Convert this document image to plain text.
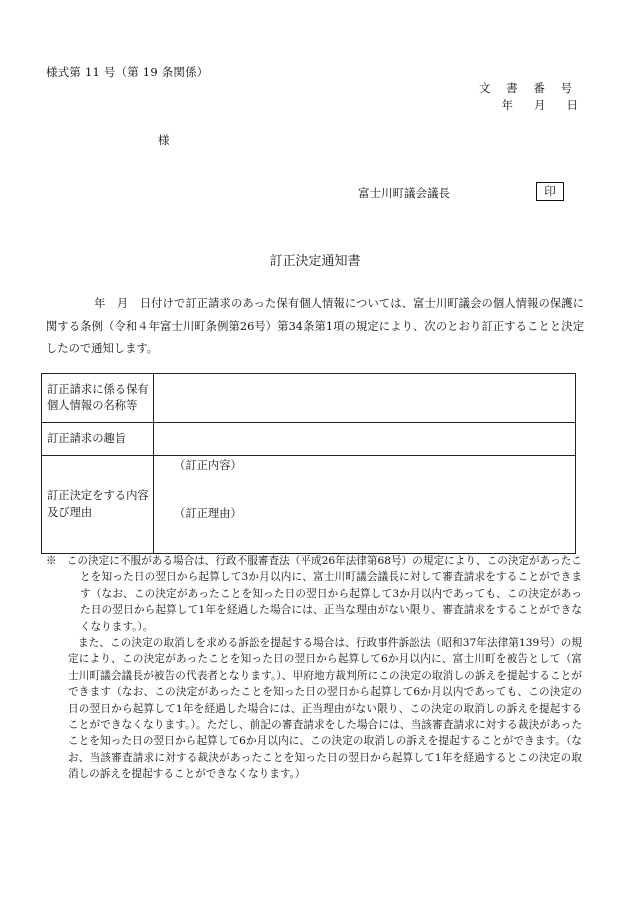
様式第 11 号（第 19 条関係）
文 書 番 号
年 月 日
様
富士川町議会議長	印
訂正決定通知書
年　月　日付けで訂正請求のあった保有個人情報については、富士川町議会の個人情報の保護に関する条例（令和４年富士川町条例第26号）第34条第1項の規定により、次のとおり訂正することと決定したので通知します。
訂正請求に係る保有個人情報の名称等	
訂正請求の趣旨	
訂正決定をする内容及び理由	（訂正内容）
（訂正理由）

※ この決定に不服がある場合は、行政不服審査法（平成26年法律第68号）の規定により、この決定があったことを知った日の翌日から起算して3か月以内に、富士川町議会議長に対して審査請求をすることができます（なお、この決定があったことを知った日の翌日から起算して3か月以内であっても、この決定があった日の翌日から起算して1年を経過した場合には、正当な理由がない限り、審査請求をすることができなくなります。）。

また、この決定の取消しを求める訴訟を提起する場合は、行政事件訴訟法（昭和37年法律第139号）の規定により、この決定があったことを知った日の翌日から起算して6か月以内に、富士川町を被告として（富士川町議会議長が被告の代表者となります。）、甲府地方裁判所にこの決定の取消しの訴えを提起することができます（なお、この決定があったことを知った日の翌日から起算して6か月以内であっても、この決定の日の翌日から起算して1年を経過した場合には、正当理由がない限り、この決定の取消しの訴えを提起することができなくなります。）。ただし、前記の審査請求をした場合には、当該審査請求に対する裁決があったことを知った日の翌日から起算して6か月以内に、この決定の取消しの訴えを提起することができます。（なお、当該審査請求に対する裁決があったことを知った日の翌日から起算して1年を経過するとこの決定の取消しの訴えを提起することができなくなります。）
